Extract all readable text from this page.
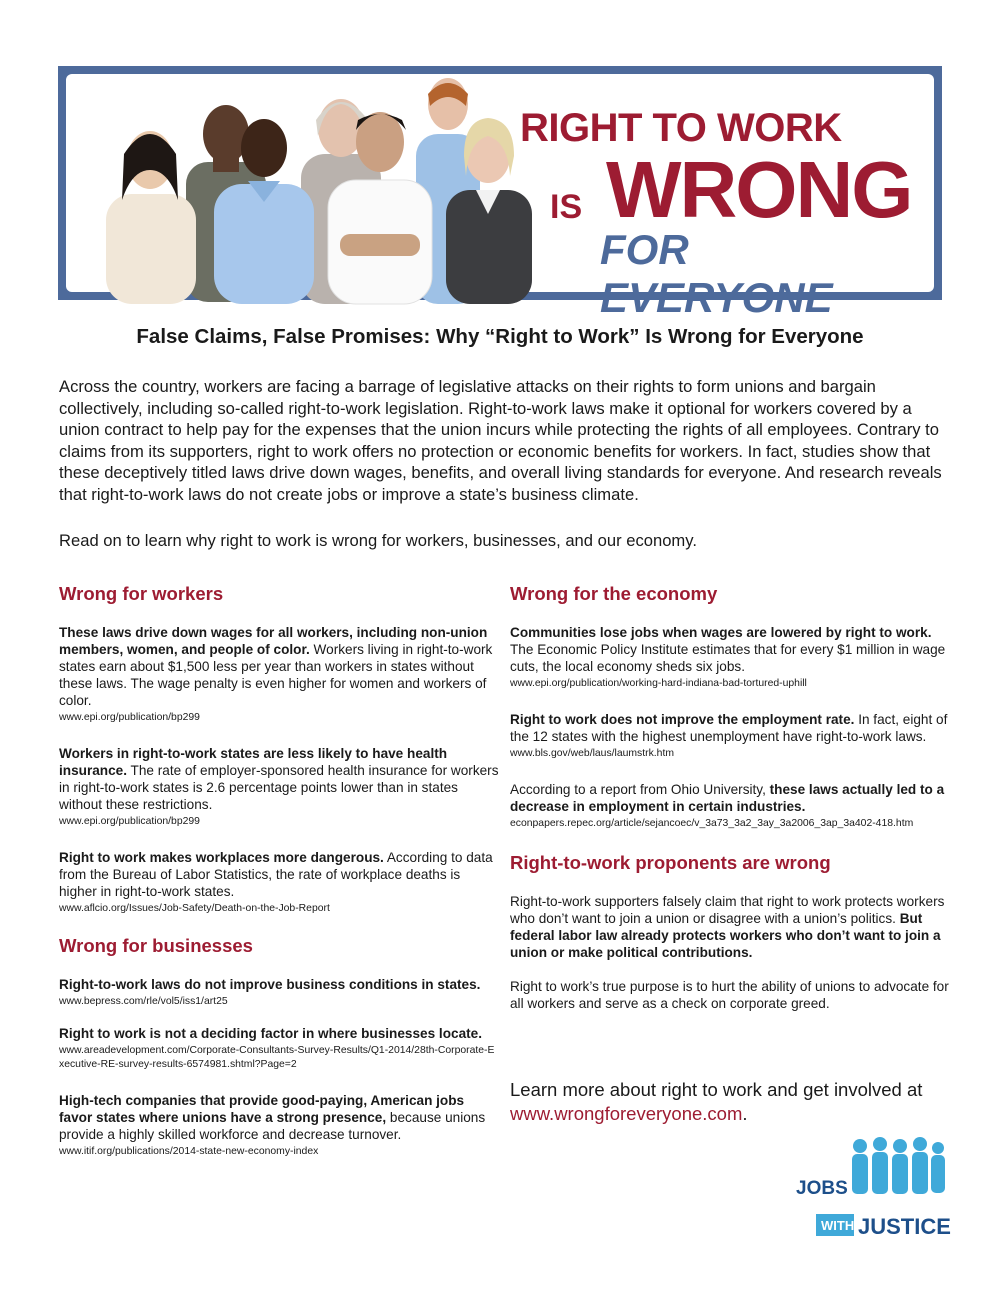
RIGHT TO WORK
WRONG
IS
FOR EVERYONE
False Claims, False Promises: Why “Right to Work” Is Wrong for Everyone

Across the country, workers are facing a barrage of legislative attacks on their rights to form unions and bargain collectively, including so-called right-to-work legislation. Right-to-work laws make it optional for workers covered by a union contract to help pay for the expenses that the union incurs while protecting the rights of all employees. Contrary to claims from its supporters, right to work offers no protection or economic benefits for workers. In fact, studies show that these deceptively titled laws drive down wages, benefits, and overall living standards for everyone. And research reveals that right-to-work laws do not create jobs or improve a state’s business climate.

Read on to learn why right to work is wrong for workers, businesses, and our economy.

Wrong for workers

These laws drive down wages for all workers, including non-union members, women, and people of color. Workers living in right-to-work states earn about $1,500 less per year than workers in states without these laws. The wage penalty is even higher for women and workers of color.

www.epi.org/publication/bp299

Workers in right-to-work states are less likely to have health insurance. The rate of employer-sponsored health insurance for workers in right-to-work states is 2.6 percentage points lower than in states without these restrictions.

www.epi.org/publication/bp299

Right to work makes workplaces more dangerous. According to data from the Bureau of Labor Statistics, the rate of workplace deaths is higher in right-to-work states.

www.aflcio.org/Issues/Job-Safety/Death-on-the-Job-Report
Wrong for businesses

Right-to-work laws do not improve business conditions in states.

www.bepress.com/rle/vol5/iss1/art25

Right to work is not a deciding factor in where businesses locate.

www.areadevelopment.com/Corporate-Consultants-Survey-Results/Q1-2014/28th-Corporate-Executive-RE-survey-results-6574981.shtml?Page=2

High-tech companies that provide good-paying, American jobs favor states where unions have a strong presence, because unions provide a highly skilled workforce and decrease turnover.

www.itif.org/publications/2014-state-new-economy-index
Wrong for the economy

Communities lose jobs when wages are lowered by right to work. The Economic Policy Institute estimates that for every $1 million in wage cuts, the local economy sheds six jobs.

www.epi.org/publication/working-hard-indiana-bad-tortured-uphill

Right to work does not improve the employment rate. In fact, eight of the 12 states with the highest unemployment have right-to-work laws.

www.bls.gov/web/laus/laumstrk.htm

According to a report from Ohio University, these laws actually led to a decrease in employment in certain industries.

econpapers.repec.org/article/sejancoec/v_3a73_3a2_3ay_3a2006_3ap_3a402-418.htm
Right-to-work proponents are wrong

Right-to-work supporters falsely claim that right to work protects workers who don’t want to join a union or disagree with a union’s politics. But federal labor law already protects workers who don’t want to join a union or make political contributions.

Right to work’s true purpose is to hurt the ability of unions to advocate for all workers and serve as a check on corporate greed.

Learn more about right to work and get involved at
www.wrongforeveryone.com.

JOBS
WITH JUSTICE
